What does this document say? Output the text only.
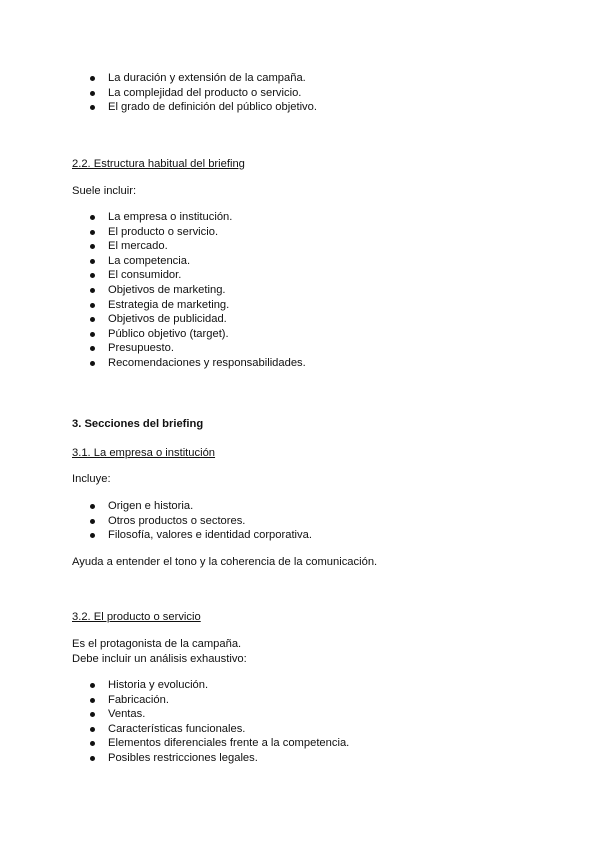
La duración y extensión de la campaña.
La complejidad del producto o servicio.
El grado de definición del público objetivo.

2.2. Estructura habitual del briefing

Suele incluir:

La empresa o institución.
El producto o servicio.
El mercado.
La competencia.
El consumidor.
Objetivos de marketing.
Estrategia de marketing.
Objetivos de publicidad.
Público objetivo (target).
Presupuesto.
Recomendaciones y responsabilidades.

3. Secciones del briefing

3.1. La empresa o institución

Incluye:

Origen e historia.
Otros productos o sectores.
Filosofía, valores e identidad corporativa.

Ayuda a entender el tono y la coherencia de la comunicación.

3.2. El producto o servicio

Es el protagonista de la campaña.

Debe incluir un análisis exhaustivo:

Historia y evolución.
Fabricación.
Ventas.
Características funcionales.
Elementos diferenciales frente a la competencia.
Posibles restricciones legales.
